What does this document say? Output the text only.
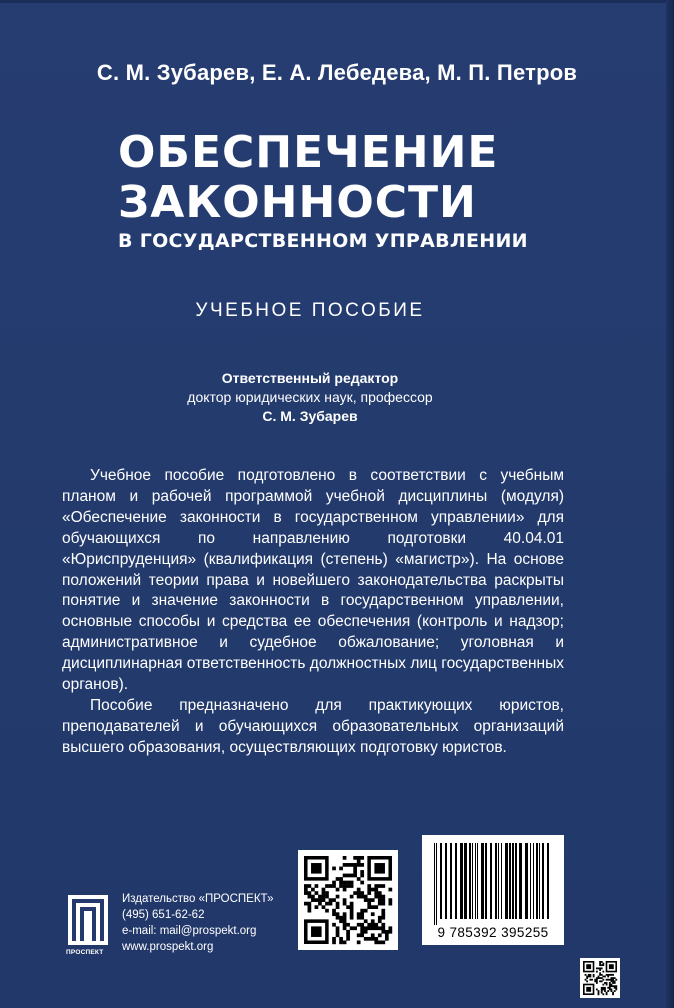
С. М. Зубарев, Е. А. Лебедева, М. П. Петров
ОБЕСПЕЧЕНИЕ
ЗАКОННОСТИ
В ГОСУДАРСТВЕННОМ УПРАВЛЕНИИ
УЧЕБНОЕ ПОСОБИЕ
Ответственный редактор
доктор юридических наук, профессор
С. М. Зубарев

Учебное пособие подготовлено в соответствии с учебным планом и рабочей программой учебной дисциплины (модуля) «Обеспечение законности в государственном управлении» для обучающихся по направлению подготовки 40.04.01 «Юриспруденция» (квалификация (степень) «магистр»). На основе положений теории права и новейшего законодательства раскрыты понятие и значение законности в государственном управлении, основные способы и средства ее обеспечения (контроль и надзор; административное и судебное обжалование; уголовная и дисциплинарная ответственность должностных лиц государственных органов).

Пособие предназначено для практикующих юристов, преподавателей и обучающихся образовательных организаций высшего образования, осуществляющих подготовку юристов.

ПРОСПЕКТ
Издательство «ПРОСПЕКТ»
(495) 651-62-62
e-mail: mail@prospekt.org
www.prospekt.org
9 785392 395255
